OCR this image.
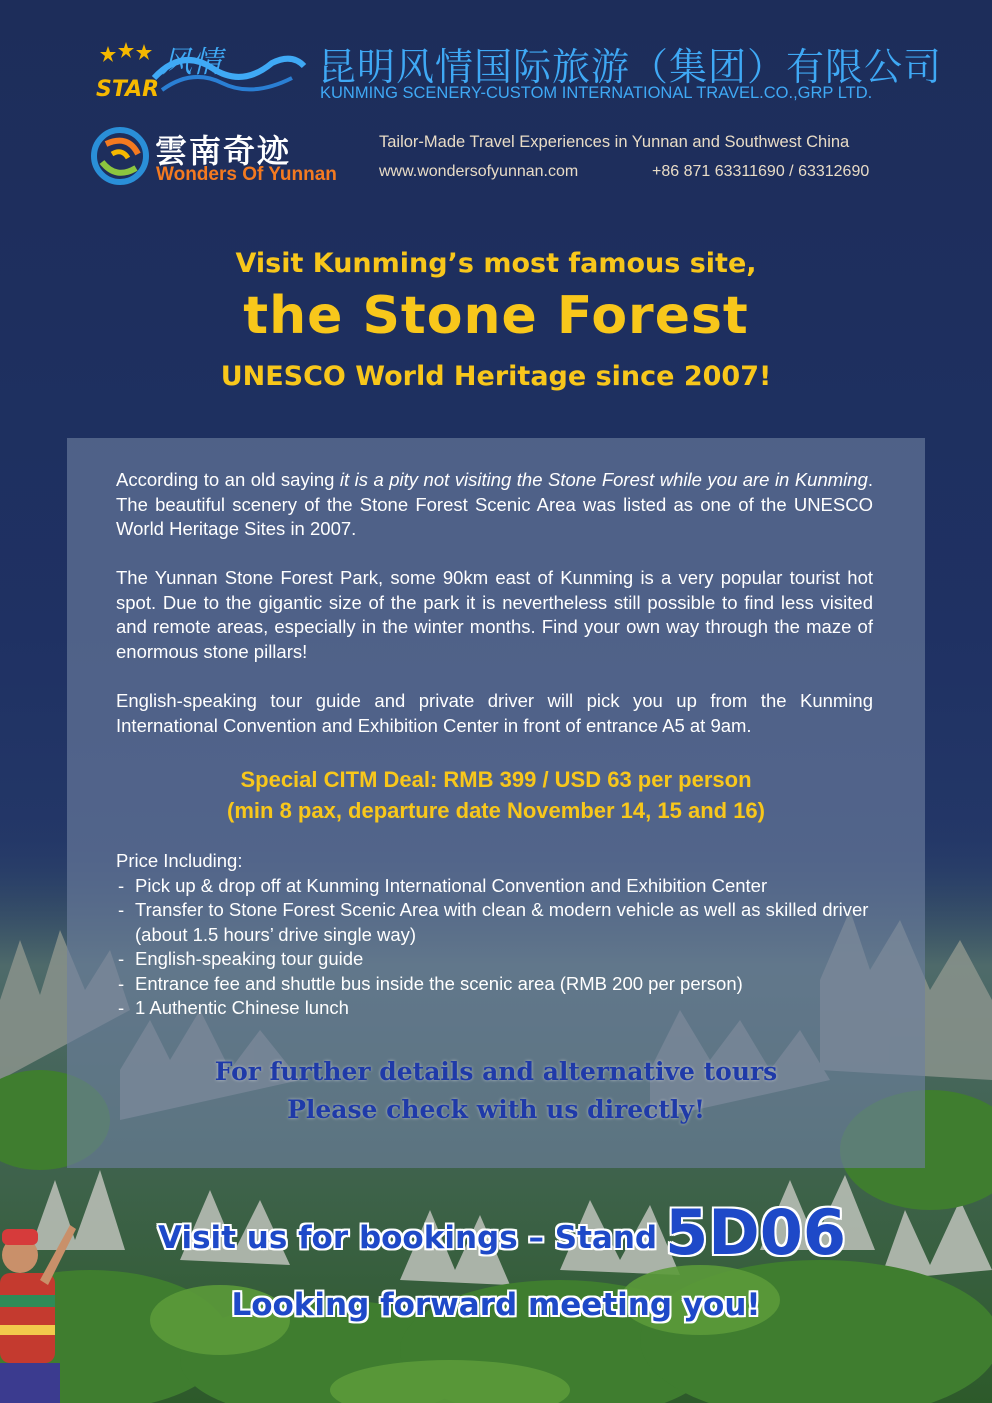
STAR
风情	昆明风情国际旅游（集团）有限公司
KUNMING SCENERY-CUSTOM INTERNATIONAL TRAVEL.CO.,GRP LTD.
雲南奇迹
Wonders Of Yunnan
Tailor-Made Travel Experiences in Yunnan and Southwest China
www.wondersofyunnan.com	+86 871 63311690 / 63312690
Visit Kunming’s most famous site,
the Stone Forest
UNESCO World Heritage since 2007!
According to an old saying it is a pity not visiting the Stone Forest while you are in Kunming. The beautiful scenery of the Stone Forest Scenic Area was listed as one of the UNESCO World Heritage Sites in 2007.
The Yunnan Stone Forest Park, some 90km east of Kunming is a very popular tourist hot spot. Due to the gigantic size of the park it is nevertheless still possible to find less visited and remote areas, especially in the winter months. Find your own way through the maze of enormous stone pillars!
English-speaking tour guide and private driver will pick you up from the Kunming International Convention and Exhibition Center in front of entrance A5 at 9am.
Special CITM Deal: RMB 399 / USD 63 per person
(min 8 pax, departure date November 14, 15 and 16)
Price Including:
- Pick up & drop off at Kunming International Convention and Exhibition Center
- Transfer to Stone Forest Scenic Area with clean & modern vehicle as well as skilled driver (about 1.5 hours’ drive single way)
- English-speaking tour guide
- Entrance fee and shuttle bus inside the scenic area (RMB 200 per person)
- 1 Authentic Chinese lunch
For further details and alternative tours
Please check with us directly!
Visit us for bookings – Stand 5D06
Looking forward meeting you!
